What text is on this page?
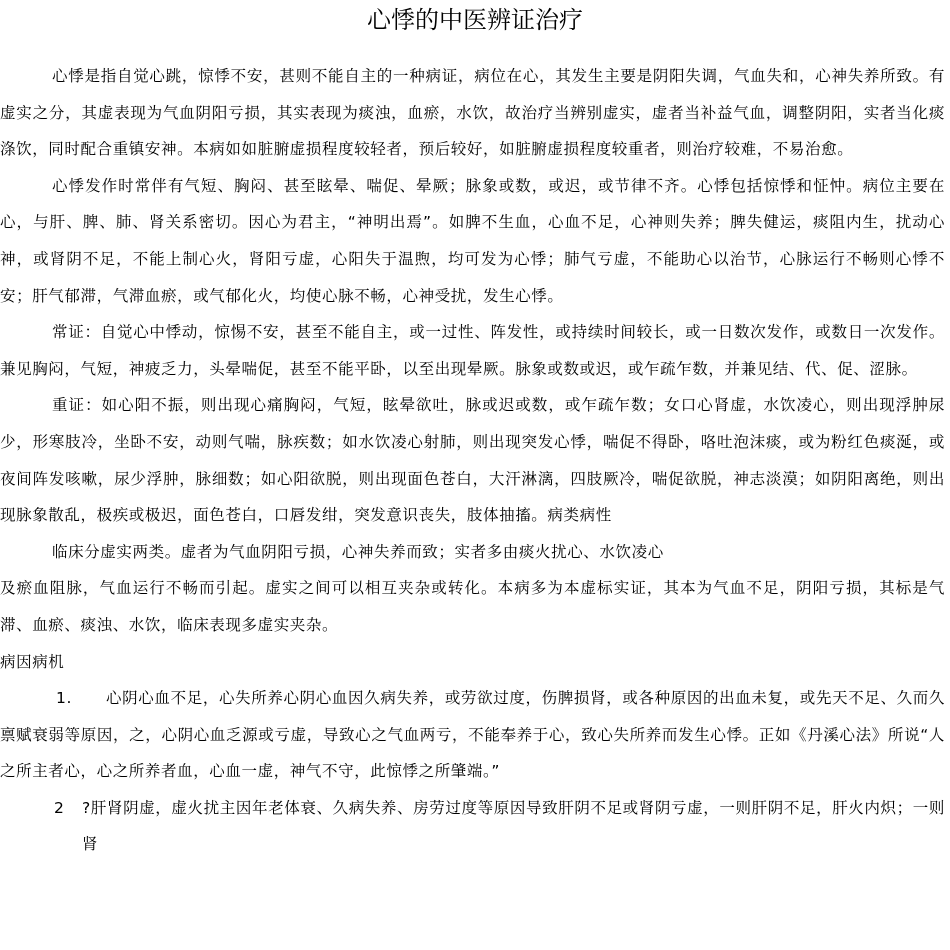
心悸的中医辨证治疗

心悸是指自觉心跳，惊悸不安，甚则不能自主的一种病证，病位在心，其发生主要是阴阳失调，气血失和，心神失养所致。有虚实之分，其虚表现为气血阴阳亏损，其实表现为痰浊，血瘀，水饮，故治疗当辨别虚实，虚者当补益气血，调整阴阳，实者当化痰涤饮，同时配合重镇安神。本病如如脏腑虚损程度较轻者，预后较好，如脏腑虚损程度较重者，则治疗较难，不易治愈。

心悸发作时常伴有气短、胸闷、甚至眩晕、喘促、晕厥；脉象或数，或迟，或节律不齐。心悸包括惊悸和怔忡。病位主要在心，与肝、脾、肺、肾关系密切。因心为君主，“神明出焉”。如脾不生血，心血不足，心神则失养；脾失健运，痰阻内生，扰动心神，或肾阴不足，不能上制心火，肾阳亏虚，心阳失于温煦，均可发为心悸；肺气亏虚，不能助心以治节，心脉运行不畅则心悸不安；肝气郁滞，气滞血瘀，或气郁化火，均使心脉不畅，心神受扰，发生心悸。

常证：自觉心中悸动，惊惕不安，甚至不能自主，或一过性、阵发性，或持续时间较长，或一日数次发作，或数日一次发作。兼见胸闷，气短，神疲乏力，头晕喘促，甚至不能平卧，以至出现晕厥。脉象或数或迟，或乍疏乍数，并兼见结、代、促、涩脉。

重证：如心阳不振，则出现心痛胸闷，气短，眩晕欲吐，脉或迟或数，或乍疏乍数；女口心肾虚，水饮凌心，则出现浮肿尿少，形寒肢冷，坐卧不安，动则气喘，脉疾数；如水饮凌心射肺，则出现突发心悸，喘促不得卧，咯吐泡沫痰，或为粉红色痰涎，或夜间阵发咳嗽，尿少浮肿，脉细数；如心阳欲脱，则出现面色苍白，大汗淋漓，四肢厥冷，喘促欲脱，神志淡漠；如阴阳离绝，则出现脉象散乱，极疾或极迟，面色苍白，口唇发绀，突发意识丧失，肢体抽搐。病类病性

临床分虚实两类。虚者为气血阴阳亏损，心神失养而致；实者多由痰火扰心、水饮凌心

及瘀血阻脉，气血运行不畅而引起。虚实之间可以相互夹杂或转化。本病多为本虚标实证，其本为气血不足，阴阳亏损，其标是气滞、血瘀、痰浊、水饮，临床表现多虚实夹杂。

病因病机

1. 心阴心血不足，心失所养心阴心血因久病失养，或劳欲过度，伤脾损肾，或各种原因的出血未复，或先天不足、久而久禀赋衰弱等原因，之，心阴心血乏源或亏虚，导致心之气血两亏，不能奉养于心，致心失所养而发生心悸。正如《丹溪心法》所说“人之所主者心，心之所养者血，心血一虚，神气不守，此惊悸之所肇端。”

2 ?肝肾阴虚，虚火扰主因年老体衰、久病失养、房劳过度等原因导致肝阴不足或肾阴亏虚，一则肝阴不足，肝火内炽；一则肾
